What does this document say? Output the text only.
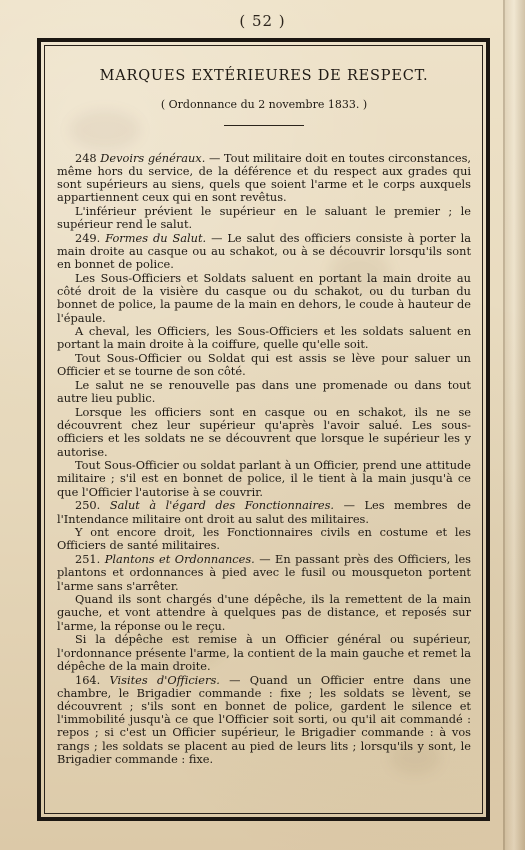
( 52 )
MARQUES EXTÉRIEURES DE RESPECT.
( Ordonnance du 2 novembre 1833. )

248 Devoirs généraux. — Tout militaire doit en toutes circonstances, même hors du service, de la déférence et du respect aux grades qui sont supérieurs au siens, quels que soient l'arme et le corps auxquels appartiennent ceux qui en sont revêtus.

L'inférieur prévient le supérieur en le saluant le premier ; le supérieur rend le salut.

249. Formes du Salut. — Le salut des officiers consiste à porter la main droite au casque ou au schakot, ou à se découvrir lorsqu'ils sont en bonnet de police.

Les Sous-Officiers et Soldats saluent en portant la main droite au côté droit de la visière du casque ou du schakot, ou du turban du bonnet de police, la paume de la main en dehors, le coude à hauteur de l'épaule.

A cheval, les Officiers, les Sous-Officiers et les soldats saluent en portant la main droite à la coiffure, quelle qu'elle soit.

Tout Sous-Officier ou Soldat qui est assis se lève pour saluer un Officier et se tourne de son côté.

Le salut ne se renouvelle pas dans une promenade ou dans tout autre lieu public.

Lorsque les officiers sont en casque ou en schakot, ils ne se découvrent chez leur supérieur qu'après l'avoir salué. Les sous-officiers et les soldats ne se découvrent que lorsque le supérieur les y autorise.

Tout Sous-Officier ou soldat parlant à un Officier, prend une attitude militaire ; s'il est en bonnet de police, il le tient à la main jusqu'à ce que l'Officier l'autorise à se couvrir.

250. Salut à l'égard des Fonctionnaires. — Les membres de l'Intendance militaire ont droit au salut des militaires.

Y ont encore droit, les Fonctionnaires civils en costume et les Officiers de santé militaires.

251. Plantons et Ordonnances. — En passant près des Officiers, les plantons et ordonnances à pied avec le fusil ou mousqueton portent l'arme sans s'arrêter.

Quand ils sont chargés d'une dépêche, ils la remettent de la main gauche, et vont attendre à quelques pas de distance, et reposés sur l'arme, la réponse ou le reçu.

Si la dépêche est remise à un Officier général ou supérieur, l'ordonnance présente l'arme, la contient de la main gauche et remet la dépêche de la main droite.

164. Visites d'Officiers. — Quand un Officier entre dans une chambre, le Brigadier commande : fixe ; les soldats se lèvent, se découvrent ; s'ils sont en bonnet de police, gardent le silence et l'immobilité jusqu'à ce que l'Officier soit sorti, ou qu'il ait commandé : repos ; si c'est un Officier supérieur, le Brigadier commande : à vos rangs ; les soldats se placent au pied de leurs lits ; lorsqu'ils y sont, le Brigadier commande : fixe.
